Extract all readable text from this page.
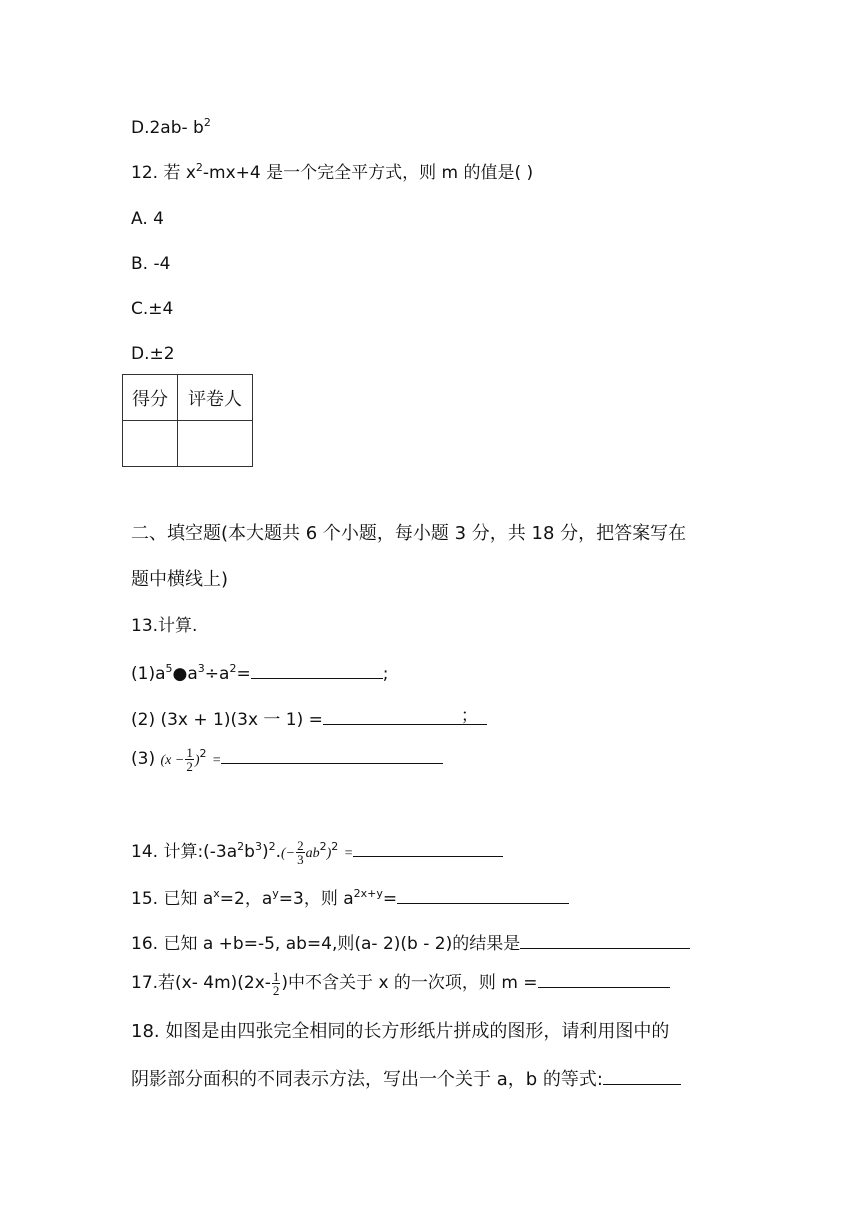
D.2ab- $b^2$
12. 若 $x^2-mx+4$ 是一个完全平方式，则 m 的值是( )
A. 4
B. -4
C.±4
D.±2
得分	评卷人

二、填空题(本大题共 6 个小题，每小题 3 分，共 18 分，把答案写在
题中横线上)
13.计算.
$(1)a^5●a^3\div a^2=$	;
(2) (3x + 1)(3x 一 1) =	；
(3) $(x - \frac{1}{2} )^2$ =
14. 计算$:(-3a^2b^3)^2.(- \frac{2}{3} ab^2)^2$ =
15. 已知 $a^x=2$，$a^y=3$，则 $a^{2x+y}=$
16. 已知 a +b=-5, ab=4,则(a- 2)(b - 2)的结果是
17.若(x- $4m)(2x- \frac{1}{2}$ )中不含关于 x 的一次项，则 m =
18. 如图是由四张完全相同的长方形纸片拼成的图形，请利用图中的
阴影部分面积的不同表示方法，写出一个关于 a，b 的等式:
